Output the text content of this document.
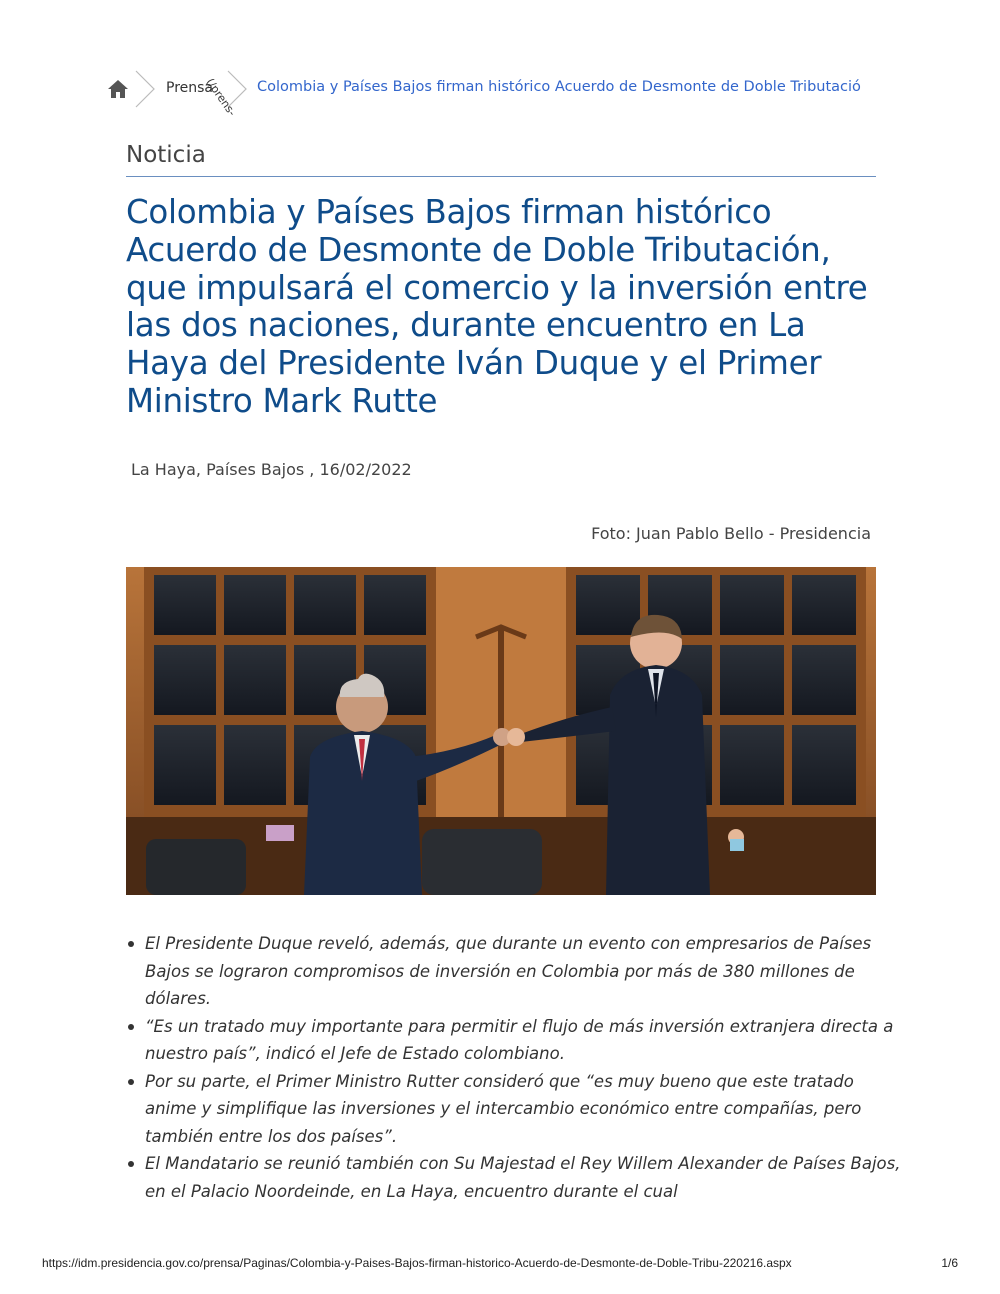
Prensa
(/prens- Colombia y Países Bajos firman histórico Acuerdo de Desmonte de Doble Tributació
Noticia
Colombia y Países Bajos firman histórico Acuerdo de Desmonte de Doble Tributación, que impulsará el comercio y la inversión entre las dos naciones, durante encuentro en La Haya del Presidente Iván Duque y el Primer Ministro Mark Rutte
La Haya, Países Bajos , 16/02/2022
Foto: Juan Pablo Bello - Presidencia
El Presidente Duque reveló, además, que durante un evento con empresarios de Países Bajos se lograron compromisos de inversión en Colombia por más de 380 millones de dólares.
“Es un tratado muy importante para permitir el flujo de más inversión extranjera directa a nuestro país”, indicó el Jefe de Estado colombiano.
Por su parte, el Primer Ministro Rutter consideró que “es muy bueno que este tratado anime y simplifique las inversiones y el intercambio económico entre compañías, pero también entre los dos países”.
El Mandatario se reunió también con Su Majestad el Rey Willem Alexander de Países Bajos, en el Palacio Noordeinde, en La Haya, encuentro durante el cual
https://idm.presidencia.gov.co/prensa/Paginas/Colombia-y-Paises-Bajos-firman-historico-Acuerdo-de-Desmonte-de-Doble-Tribu-220216.aspx	1/6
